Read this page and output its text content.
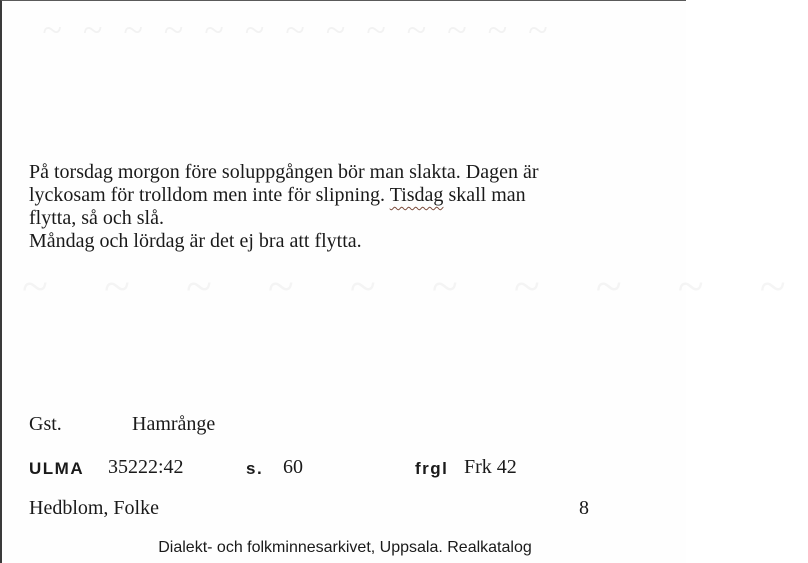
~ ~ ~ ~ ~ ~ ~ ~ ~ ~ ~ ~ ~
~ ~ ~ ~ ~ ~ ~ ~ ~ ~

På torsdag morgon före soluppgången bör man slakta. Dagen är

lyckosam för trolldom men inte för slipning. Tisdag skall man

flytta, så och slå.

Måndag och lördag är det ej bra att flytta.

Gst.	Hamrånge
ULMA 35222:42	s. 60	frgl Frk 42
Hedblom, Folke	8
Dialekt- och folkminnesarkivet, Uppsala. Realkatalog
